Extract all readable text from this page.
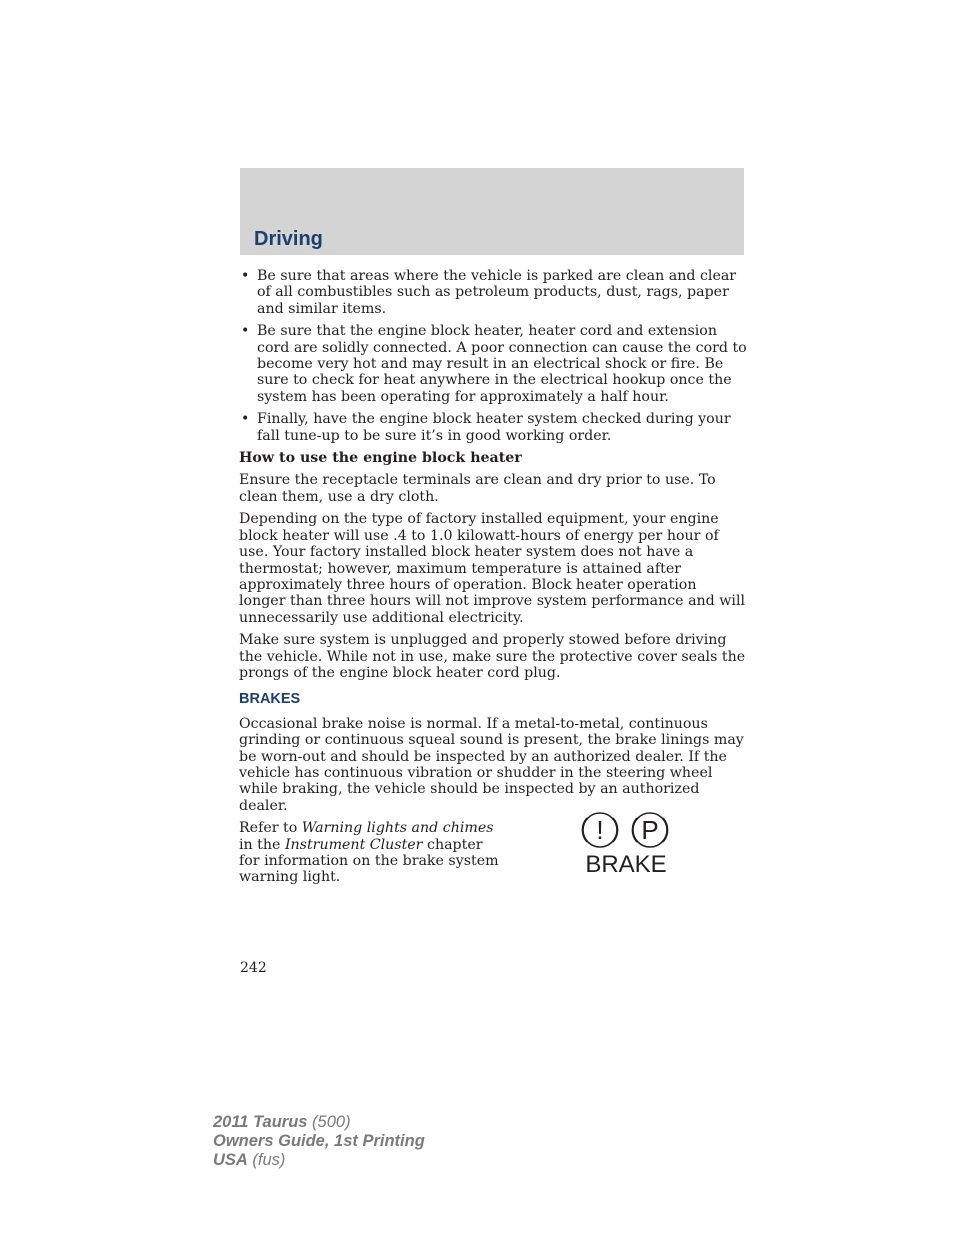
Driving
• Be sure that areas where the vehicle is parked are clean and clear of all combustibles such as petroleum products, dust, rags, paper and similar items.
• Be sure that the engine block heater, heater cord and extension cord are solidly connected. A poor connection can cause the cord to become very hot and may result in an electrical shock or fire. Be sure to check for heat anywhere in the electrical hookup once the system has been operating for approximately a half hour.
• Finally, have the engine block heater system checked during your fall tune-up to be sure it’s in good working order.
How to use the engine block heater

Ensure the receptacle terminals are clean and dry prior to use. To clean them, use a dry cloth.

Depending on the type of factory installed equipment, your engine block heater will use .4 to 1.0 kilowatt-hours of energy per hour of use. Your factory installed block heater system does not have a thermostat; however, maximum temperature is attained after approximately three hours of operation. Block heater operation longer than three hours will not improve system performance and will unnecessarily use additional electricity.

Make sure system is unplugged and properly stowed before driving the vehicle. While not in use, make sure the protective cover seals the prongs of the engine block heater cord plug.

BRAKES

Occasional brake noise is normal. If a metal-to-metal, continuous grinding or continuous squeal sound is present, the brake linings may be worn-out and should be inspected by an authorized dealer. If the vehicle has continuous vibration or shudder in the steering wheel while braking, the vehicle should be inspected by an authorized dealer.

Refer to Warning lights and chimes in the Instrument Cluster chapter for information on the brake system warning light.
! P
BRAKE
242
2011 Taurus (500)
Owners Guide, 1st Printing
USA (fus)
